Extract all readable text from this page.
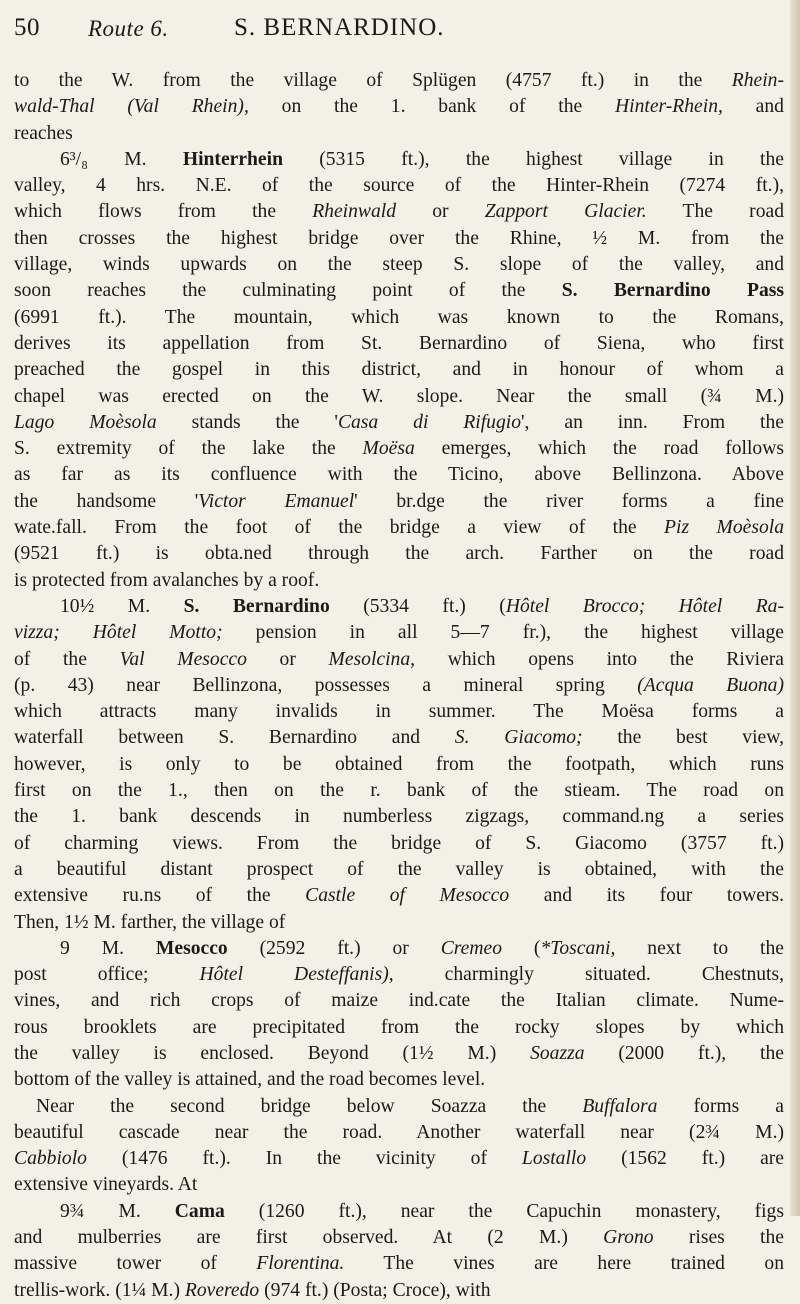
50 Route 6.	S. BERNARDINO.
to the W. from the village of Splügen (4757 ft.) in the Rhein-
wald-Thal (Val Rhein), on the 1. bank of the Hinter-Rhein, and
reaches
6³/₈ M. Hinterrhein (5315 ft.), the highest village in the
valley, 4 hrs. N.E. of the source of the Hinter-Rhein (7274 ft.),
which flows from the Rheinwald or Zapport Glacier. The road
then crosses the highest bridge over the Rhine, ½ M. from the
village, winds upwards on the steep S. slope of the valley, and
soon reaches the culminating point of the S. Bernardino Pass
(6991 ft.). The mountain, which was known to the Romans,
derives its appellation from St. Bernardino of Siena, who first
preached the gospel in this district, and in honour of whom a
chapel was erected on the W. slope. Near the small (¾ M.)
Lago Moèsola stands the 'Casa di Rifugio', an inn. From the
S. extremity of the lake the Moësa emerges, which the road follows
as far as its confluence with the Ticino, above Bellinzona. Above
the handsome 'Victor Emanuel' br.dge the river forms a fine
wate.fall. From the foot of the bridge a view of the Piz Moèsola
(9521 ft.) is obta.ned through the arch. Farther on the road
is protected from avalanches by a roof.
10½ M. S. Bernardino (5334 ft.) (Hôtel Brocco; Hôtel Ra-
vizza; Hôtel Motto; pension in all 5—7 fr.), the highest village
of the Val Mesocco or Mesolcina, which opens into the Riviera
(p. 43) near Bellinzona, possesses a mineral spring (Acqua Buona)
which attracts many invalids in summer. The Moësa forms a
waterfall between S. Bernardino and S. Giacomo; the best view,
however, is only to be obtained from the footpath, which runs
first on the 1., then on the r. bank of the stieam. The road on
the 1. bank descends in numberless zigzags, command.ng a series
of charming views. From the bridge of S. Giacomo (3757 ft.)
a beautiful distant prospect of the valley is obtained, with the
extensive ru.ns of the Castle of Mesocco and its four towers.
Then, 1½ M. farther, the village of
9 M. Mesocco (2592 ft.) or Cremeo (*Toscani, next to the
post office; Hôtel Desteffanis), charmingly situated. Chestnuts,
vines, and rich crops of maize ind.cate the Italian climate. Nume-
rous brooklets are precipitated from the rocky slopes by which
the valley is enclosed. Beyond (1½ M.) Soazza (2000 ft.), the
bottom of the valley is attained, and the road becomes level.
Near the second bridge below Soazza the Buffalora forms a
beautiful cascade near the road. Another waterfall near (2¾ M.)
Cabbiolo (1476 ft.). In the vicinity of Lostallo (1562 ft.) are
extensive vineyards. At
9¾ M. Cama (1260 ft.), near the Capuchin monastery, figs
and mulberries are first observed. At (2 M.) Grono rises the
massive tower of Florentina. The vines are here trained on
trellis-work. (1¼ M.) Roveredo (974 ft.) (Posta; Croce), with
